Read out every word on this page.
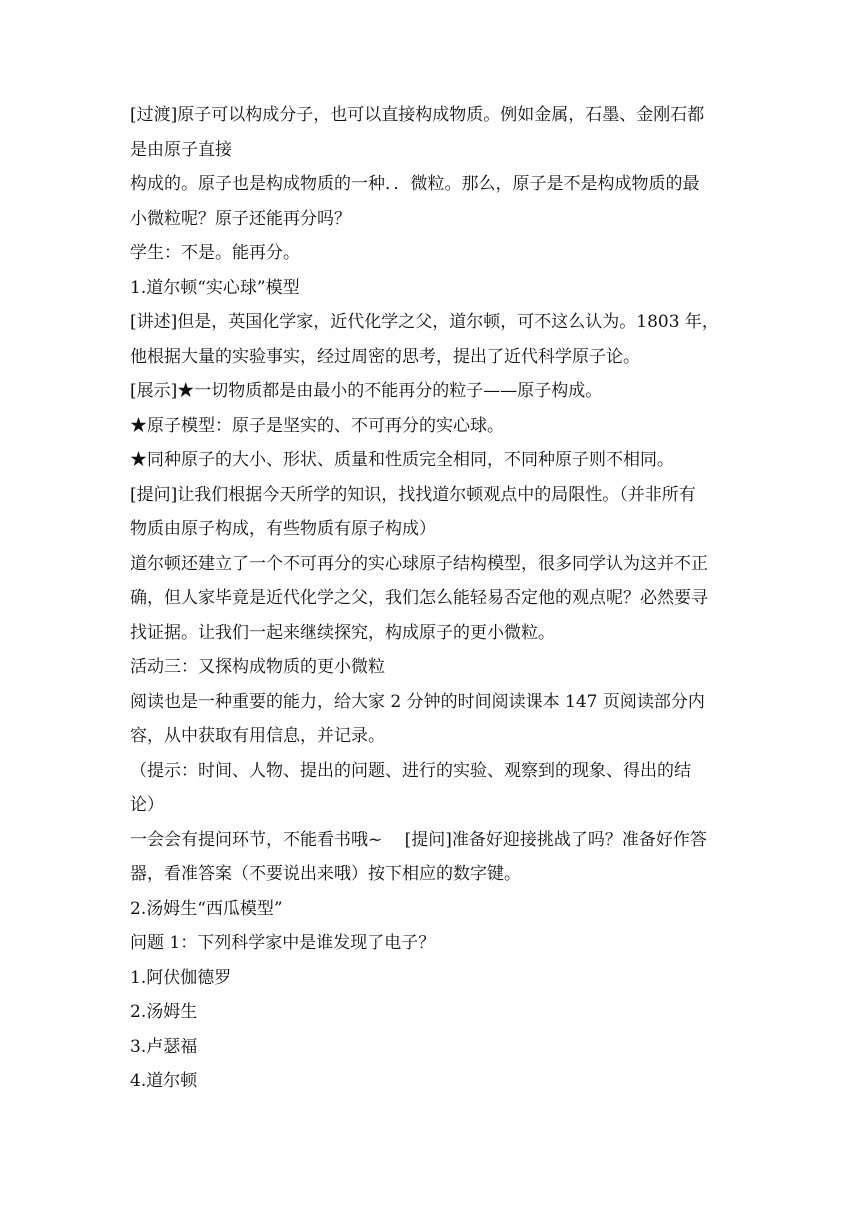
[过渡]原子可以构成分子，也可以直接构成物质。例如金属，石墨、金刚石都
是由原子直接
构成的。原子也是构成物质的一种．．微粒。那么，原子是不是构成物质的最
小微粒呢？原子还能再分吗？
学生：不是。能再分。
1.道尔顿“实心球”模型
[讲述]但是，英国化学家，近代化学之父，道尔顿，可不这么认为。1803 年，
他根据大量的实验事实，经过周密的思考，提出了近代科学原子论。
[展示]★一切物质都是由最小的不能再分的粒子——原子构成。
★原子模型：原子是坚实的、不可再分的实心球。
★同种原子的大小、形状、质量和性质完全相同，不同种原子则不相同。
[提问]让我们根据今天所学的知识，找找道尔顿观点中的局限性。（并非所有
物质由原子构成，有些物质有原子构成）
道尔顿还建立了一个不可再分的实心球原子结构模型，很多同学认为这并不正
确，但人家毕竟是近代化学之父，我们怎么能轻易否定他的观点呢？必然要寻
找证据。让我们一起来继续探究，构成原子的更小微粒。
活动三：又探构成物质的更小微粒
阅读也是一种重要的能力，给大家 2 分钟的时间阅读课本 147 页阅读部分内
容，从中获取有用信息，并记录。
（提示：时间、人物、提出的问题、进行的实验、观察到的现象、得出的结
论）
一会会有提问环节，不能看书哦~　 [提问]准备好迎接挑战了吗？准备好作答
器，看准答案（不要说出来哦）按下相应的数字键。
2.汤姆生“西瓜模型”
问题 1：下列科学家中是谁发现了电子？
1.阿伏伽德罗
2.汤姆生
3.卢瑟福
4.道尔顿
